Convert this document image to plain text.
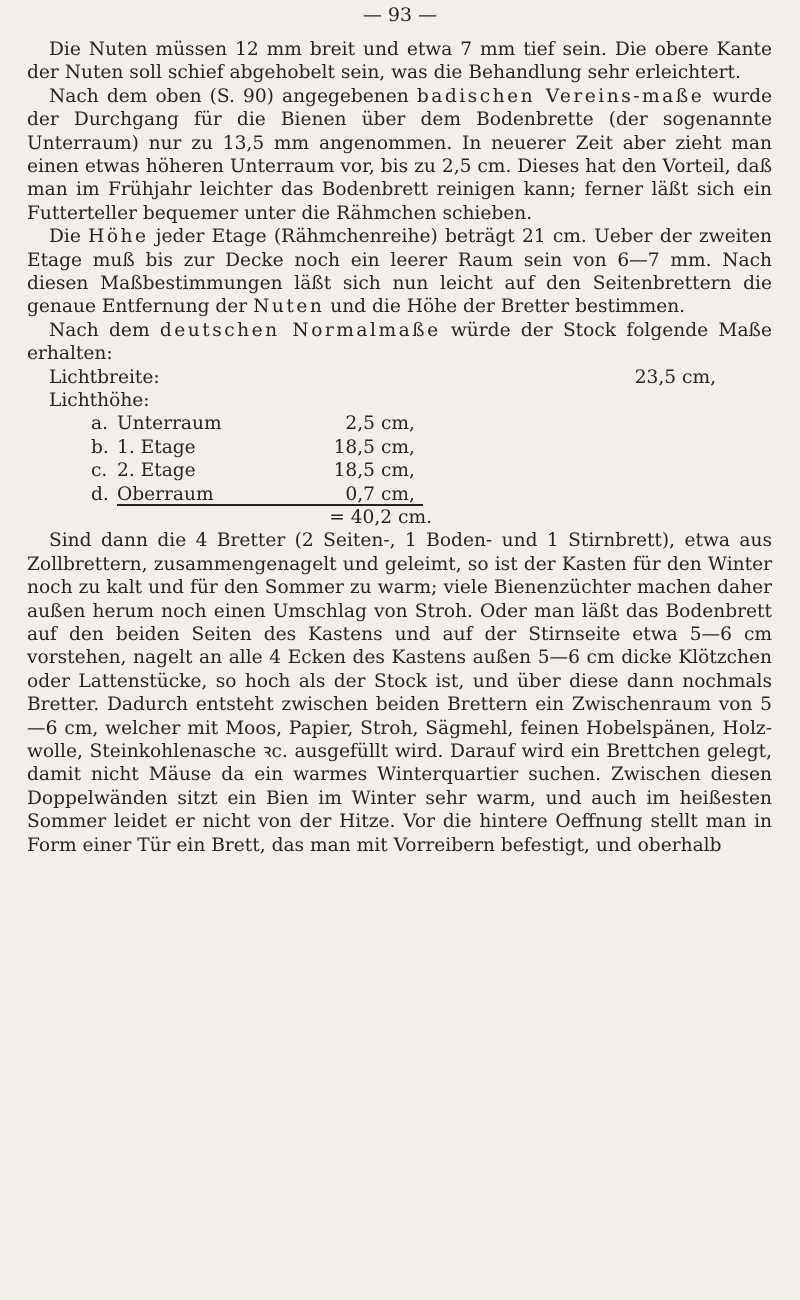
— 93 —

Die Nuten müssen 12 mm breit und etwa 7 mm tief sein. Die obere Kante der Nuten soll schief abgehobelt sein, was die Behandlung sehr erleichtert.

Nach dem oben (S. 90) angegebenen badischen Vereins-maße wurde der Durchgang für die Bienen über dem Bodenbrette (der sogenannte Unterraum) nur zu 13,5 mm angenommen. In neuerer Zeit aber zieht man einen etwas höheren Unterraum vor, bis zu 2,5 cm. Dieses hat den Vorteil, daß man im Frühjahr leichter das Bodenbrett reinigen kann; ferner läßt sich ein Futterteller bequemer unter die Rähmchen schieben.

Die Höhe jeder Etage (Rähmchenreihe) beträgt 21 cm. Ueber der zweiten Etage muß bis zur Decke noch ein leerer Raum sein von 6—7 mm. Nach diesen Maßbestimmungen läßt sich nun leicht auf den Seitenbrettern die genaue Entfernung der Nuten und die Höhe der Bretter bestimmen.

Nach dem deutschen Normalmaße würde der Stock folgende Maße erhalten:

Lichtbreite:	23,5 cm,
Lichthöhe:
a. Unterraum	2,5 cm,
b. 1. Etage	18,5 cm,
c. 2. Etage	18,5 cm,
d. Oberraum	0,7 cm,
= 40,2 cm.

Sind dann die 4 Bretter (2 Seiten-, 1 Boden- und 1 Stirnbrett), etwa aus Zollbrettern, zusammengenagelt und geleimt, so ist der Kasten für den Winter noch zu kalt und für den Sommer zu warm; viele Bienenzüchter machen daher außen herum noch einen Umschlag von Stroh. Oder man läßt das Bodenbrett auf den beiden Seiten des Kastens und auf der Stirnseite etwa 5—6 cm vorstehen, nagelt an alle 4 Ecken des Kastens außen 5—6 cm dicke Klötzchen oder Lattenstücke, so hoch als der Stock ist, und über diese dann nochmals Bretter. Dadurch entsteht zwischen beiden Brettern ein Zwischenraum von 5—6 cm, welcher mit Moos, Papier, Stroh, Sägmehl, feinen Hobelspänen, Holz-wolle, Steinkohlenasche ꝛc. ausgefüllt wird. Darauf wird ein Brettchen gelegt, damit nicht Mäuse da ein warmes Winterquartier suchen. Zwischen diesen Doppelwänden sitzt ein Bien im Winter sehr warm, und auch im heißesten Sommer leidet er nicht von der Hitze. Vor die hintere Oeffnung stellt man in Form einer Tür ein Brett, das man mit Vorreibern befestigt, und oberhalb
